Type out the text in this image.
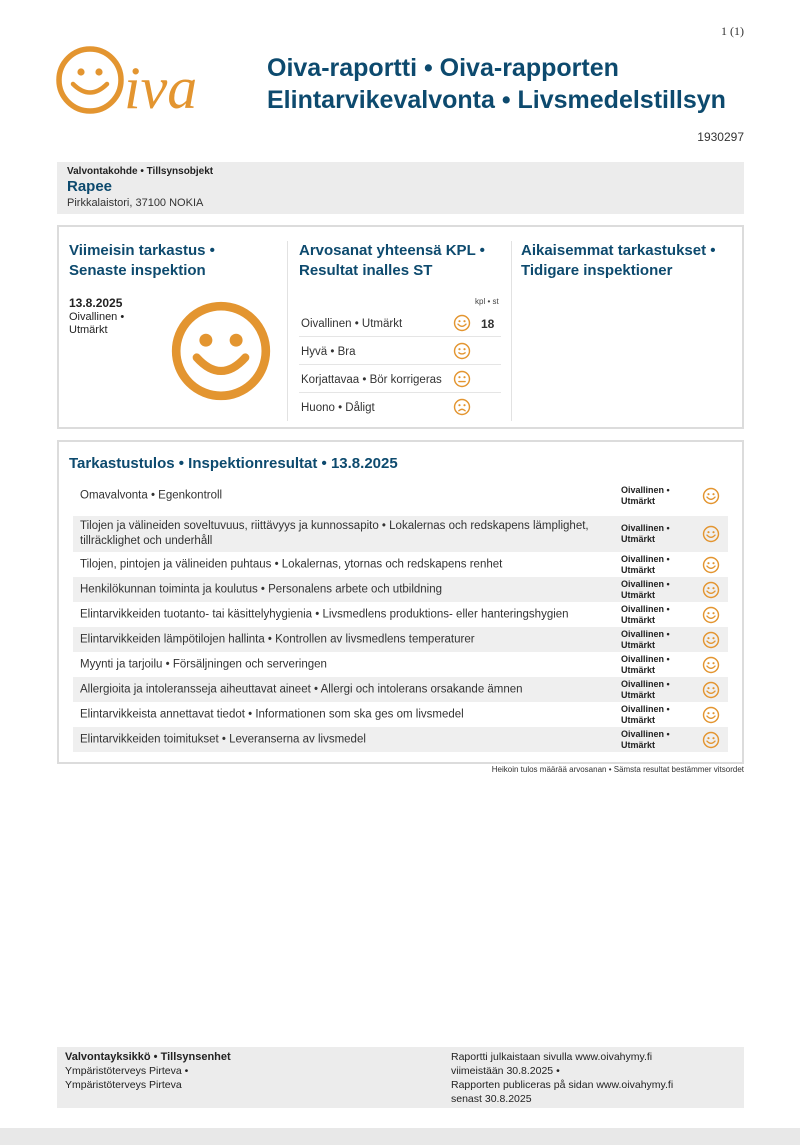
1 (1)
iva	Oiva-raportti • Oiva-rapporten
Elintarvikevalvonta • Livsmedelstillsyn
1930297
Valvontakohde • Tillsynsobjekt
Rapee
Pirkkalaistori, 37100 NOKIA
Viimeisin tarkastus •
Senaste inspektion
13.8.2025
Oivallinen •
Utmärkt
Arvosanat yhteensä KPL •
Resultat inalles ST
kpl • st
Oivallinen • Utmärkt	18
Hyvä • Bra
Korjattavaa • Bör korrigeras
Huono • Dåligt
Aikaisemmat tarkastukset •
Tidigare inspektioner
Tarkastustulos • Inspektionresultat • 13.8.2025
Omavalvonta • Egenkontroll	Oivallinen •
Utmärkt
Tilojen ja välineiden soveltuvuus, riittävyys ja kunnossapito • Lokalernas och redskapens lämplighet, tillräcklighet och underhåll
Oivallinen •
Utmärkt
Tilojen, pintojen ja välineiden puhtaus • Lokalernas, ytornas och redskapens renhet	Oivallinen •
Utmärkt
Henkilökunnan toiminta ja koulutus • Personalens arbete och utbildning	Oivallinen •
Utmärkt
Elintarvikkeiden tuotanto- tai käsittelyhygienia • Livsmedlens produktions- eller hanteringshygien	Oivallinen •
Utmärkt
Elintarvikkeiden lämpötilojen hallinta • Kontrollen av livsmedlens temperaturer	Oivallinen •
Utmärkt
Myynti ja tarjoilu • Försäljningen och serveringen	Oivallinen •
Utmärkt
Allergioita ja intoleransseja aiheuttavat aineet • Allergi och intolerans orsakande ämnen	Oivallinen •
Utmärkt
Elintarvikkeista annettavat tiedot • Informationen som ska ges om livsmedel	Oivallinen •
Utmärkt
Elintarvikkeiden toimitukset • Leveranserna av livsmedel	Oivallinen •
Utmärkt
Heikoin tulos määrää arvosanan • Sämsta resultat bestämmer vitsordet
Valvontayksikkö • Tillsynsenhet
Ympäristöterveys Pirteva •
Ympäristöterveys Pirteva
Raportti julkaistaan sivulla www.oivahymy.fi
viimeistään 30.8.2025 •
Rapporten publiceras på sidan www.oivahymy.fi
senast 30.8.2025
